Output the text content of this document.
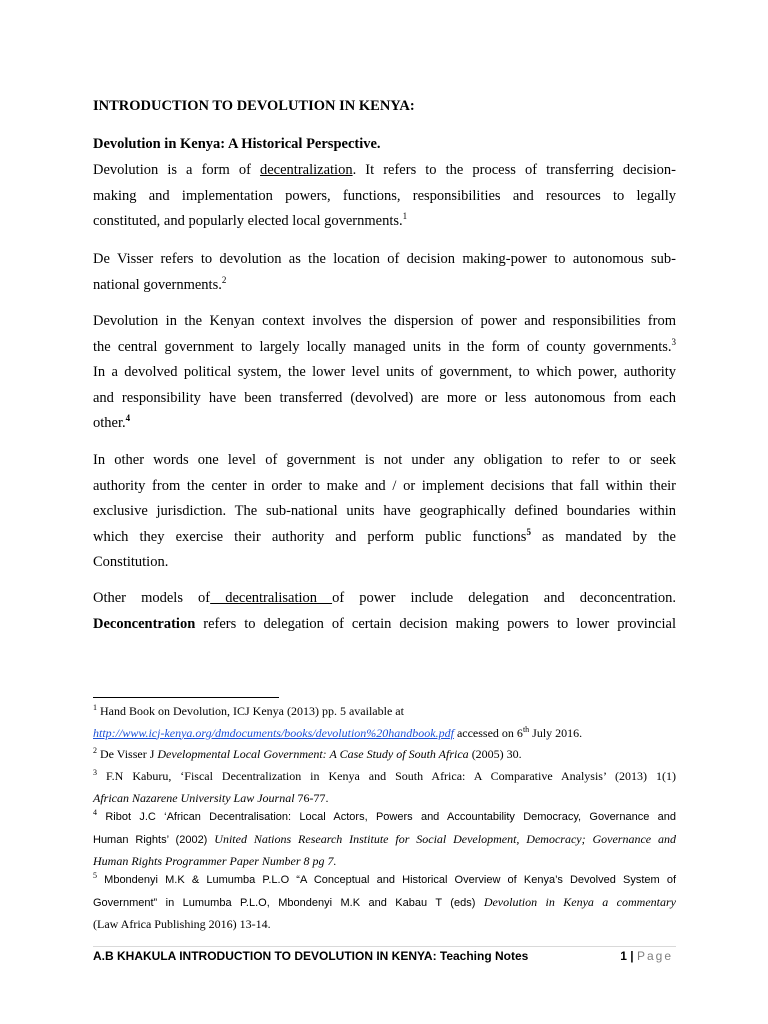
INTRODUCTION TO DEVOLUTION IN KENYA:
Devolution in Kenya: A Historical Perspective.

Devolution is a form of decentralization. It refers to the process of transferring decision-
making and implementation powers, functions, responsibilities and resources to legally
constituted, and popularly elected local governments.$^1$

De Visser refers to devolution as the location of decision making-power to autonomous sub-
national governments.$^2$

Devolution in the Kenyan context involves the dispersion of power and responsibilities from
the central government to largely locally managed units in the form of county governments.$^3$
In a devolved political system, the lower level units of government, to which power, authority
and responsibility have been transferred (devolved) are more or less autonomous from each
other.$^4$

In other words one level of government is not under any obligation to refer to or seek
authority from the center in order to make and / or implement decisions that fall within their
exclusive jurisdiction. The sub-national units have geographically defined boundaries within
which they exercise their authority and perform public functions$^5$ as mandated by the
Constitution.

Other models of decentralisation of power include delegation and deconcentration.
Deconcentration refers to delegation of certain decision making powers to lower provincial

$^1$ Hand Book on Devolution, ICJ Kenya (2013) pp. 5 available at
http://www.icj-kenya.org/dmdocuments/books/devolution%20handbook.pdf accessed on 6th July 2016.
$^2$ De Visser J Developmental Local Government: A Case Study of South Africa (2005) 30.
$^3$ F.N Kaburu, ‘Fiscal Decentralization in Kenya and South Africa: A Comparative Analysis’ (2013) 1(1)
African Nazarene University Law Journal 76-77.
$^4$ Ribot J.C ‘African Decentralisation: Local Actors, Powers and Accountability Democracy, Governance and
Human Rights’ (2002) United Nations Research Institute for Social Development, Democracy; Governance and
Human Rights Programmer Paper Number 8 pg 7.
$^5$ Mbondenyi M.K & Lumumba P.L.O “A Conceptual and Historical Overview of Kenya’s Devolved System of
Government” in Lumumba P.L.O, Mbondenyi M.K and Kabau T (eds) Devolution in Kenya a commentary
(Law Africa Publishing 2016) 13-14.
A.B KHAKULA INTRODUCTION TO DEVOLUTION IN KENYA: Teaching Notes	1 | Page
